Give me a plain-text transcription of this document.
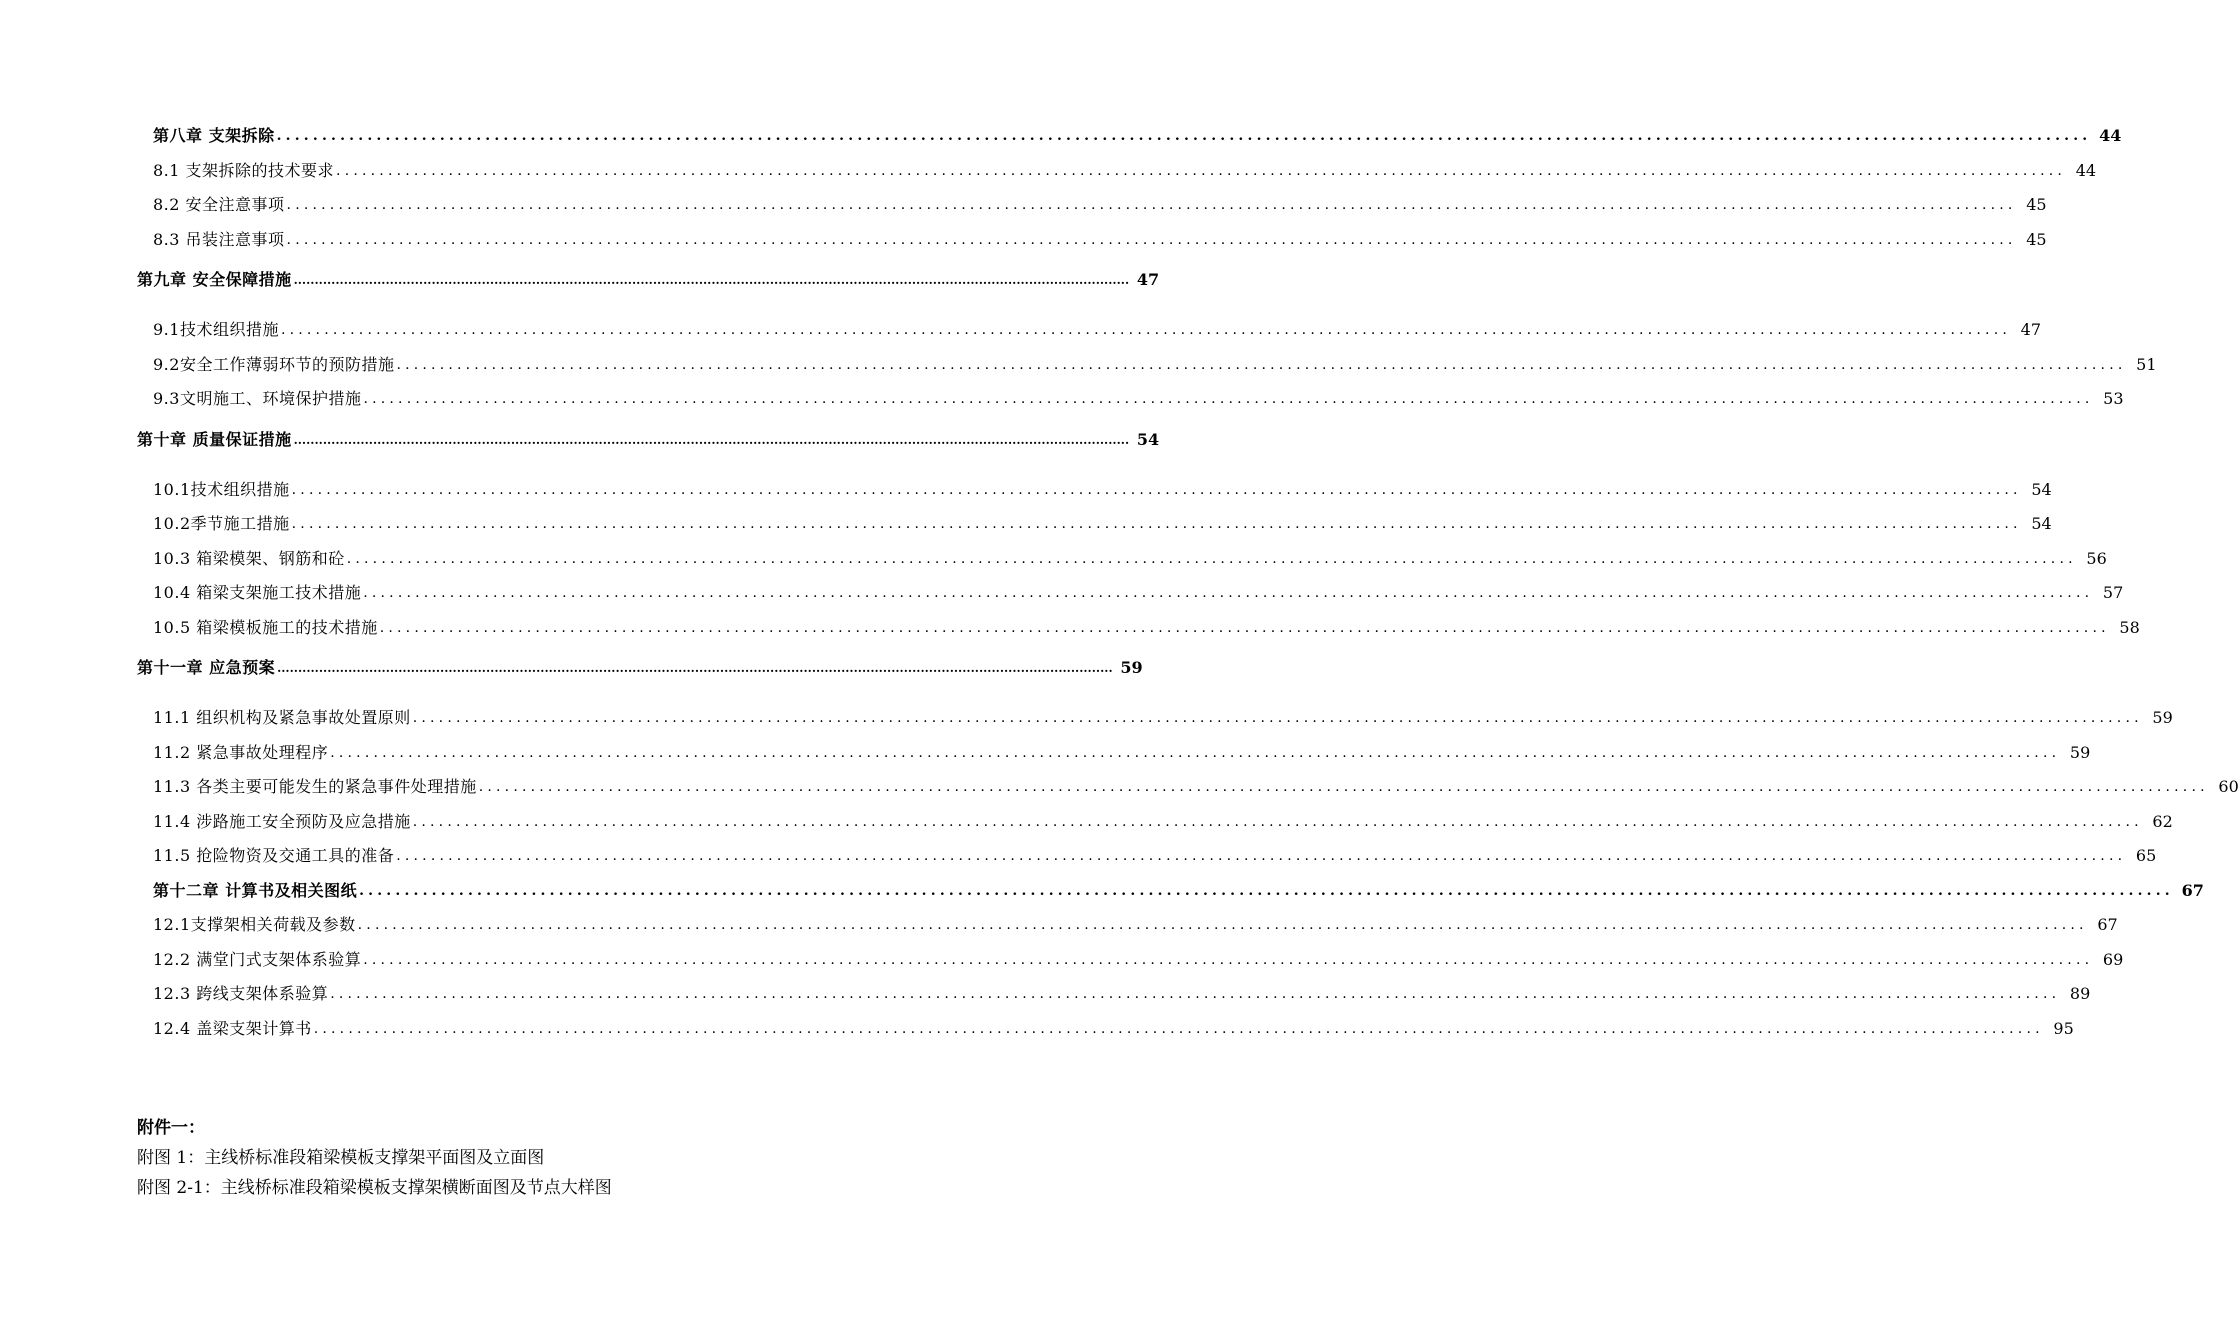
第八章 支架拆除 ........................................................................................................................................................................................................ 44
8.1 支架拆除的技术要求 ........................................................................................................................................................................................................ 44
8.2 安全注意事项 ........................................................................................................................................................................................................ 45
8.3 吊装注意事项 ........................................................................................................................................................................................................ 45
第九章 安全保障措施 ........................................................................................................................................................................................................ 47
9.1技术组织措施 ........................................................................................................................................................................................................ 47
9.2安全工作薄弱环节的预防措施 ........................................................................................................................................................................................................ 51
9.3文明施工、环境保护措施 ........................................................................................................................................................................................................ 53
第十章 质量保证措施 ........................................................................................................................................................................................................ 54
10.1技术组织措施 ........................................................................................................................................................................................................ 54
10.2季节施工措施 ........................................................................................................................................................................................................ 54
10.3 箱梁模架、钢筋和砼 ........................................................................................................................................................................................................ 56
10.4 箱梁支架施工技术措施 ........................................................................................................................................................................................................ 57
10.5 箱梁模板施工的技术措施 ........................................................................................................................................................................................................ 58
第十一章 应急预案 ........................................................................................................................................................................................................ 59
11.1 组织机构及紧急事故处置原则 ........................................................................................................................................................................................................ 59
11.2 紧急事故处理程序 ........................................................................................................................................................................................................ 59
11.3 各类主要可能发生的紧急事件处理措施 ........................................................................................................................................................................................................ 60
11.4 涉路施工安全预防及应急措施 ........................................................................................................................................................................................................ 62
11.5 抢险物资及交通工具的准备 ........................................................................................................................................................................................................ 65
第十二章 计算书及相关图纸 ........................................................................................................................................................................................................ 67
12.1支撑架相关荷载及参数 ........................................................................................................................................................................................................ 67
12.2 满堂门式支架体系验算 ........................................................................................................................................................................................................ 69
12.3 跨线支架体系验算 ........................................................................................................................................................................................................ 89
12.4 盖梁支架计算书 ........................................................................................................................................................................................................ 95
附件一：
附图 1：主线桥标准段箱梁模板支撑架平面图及立面图
附图 2-1：主线桥标准段箱梁模板支撑架横断面图及节点大样图
